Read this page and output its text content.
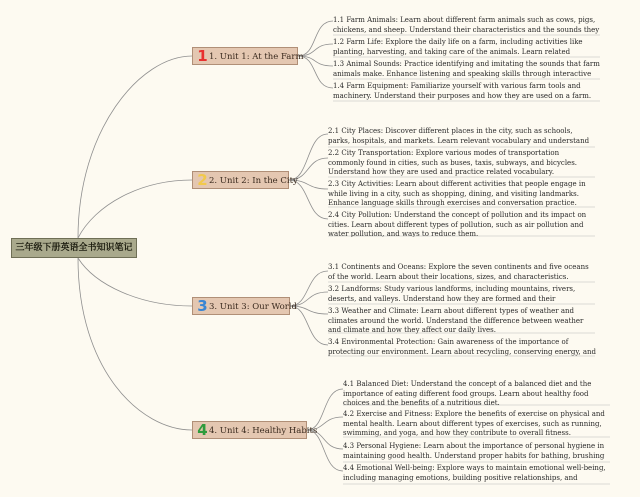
三年级下册英语全书知识笔记
11. Unit 1: At the Farm
1.1 Farm Animals: Learn about different farm animals such as cows, pigs, chickens, and sheep. Understand their characteristics and the sounds they
1.2 Farm Life: Explore the daily life on a farm, including activities like planting, harvesting, and taking care of the animals. Learn related
1.3 Animal Sounds: Practice identifying and imitating the sounds that farm animals make. Enhance listening and speaking skills through interactive
1.4 Farm Equipment: Familiarize yourself with various farm tools and machinery. Understand their purposes and how they are used on a farm.
22. Unit 2: In the City
2.1 City Places: Discover different places in the city, such as schools, parks, hospitals, and markets. Learn relevant vocabulary and understand
2.2 City Transportation: Explore various modes of transportation commonly found in cities, such as buses, taxis, subways, and bicycles. Understand how they are used and practice related vocabulary.
2.3 City Activities: Learn about different activities that people engage in while living in a city, such as shopping, dining, and visiting landmarks. Enhance language skills through exercises and conversation practice.
2.4 City Pollution: Understand the concept of pollution and its impact on cities. Learn about different types of pollution, such as air pollution and water pollution, and ways to reduce them.
33. Unit 3: Our World
3.1 Continents and Oceans: Explore the seven continents and five oceans of the world. Learn about their locations, sizes, and characteristics.
3.2 Landforms: Study various landforms, including mountains, rivers, deserts, and valleys. Understand how they are formed and their
3.3 Weather and Climate: Learn about different types of weather and climates around the world. Understand the difference between weather and climate and how they affect our daily lives.
3.4 Environmental Protection: Gain awareness of the importance of protecting our environment. Learn about recycling, conserving energy, and
44. Unit 4: Healthy Habits
4.1 Balanced Diet: Understand the concept of a balanced diet and the importance of eating different food groups. Learn about healthy food choices and the benefits of a nutritious diet.
4.2 Exercise and Fitness: Explore the benefits of exercise on physical and mental health. Learn about different types of exercises, such as running, swimming, and yoga, and how they contribute to overall fitness.
4.3 Personal Hygiene: Learn about the importance of personal hygiene in maintaining good health. Understand proper habits for bathing, brushing
4.4 Emotional Well-being: Explore ways to maintain emotional well-being, including managing emotions, building positive relationships, and
